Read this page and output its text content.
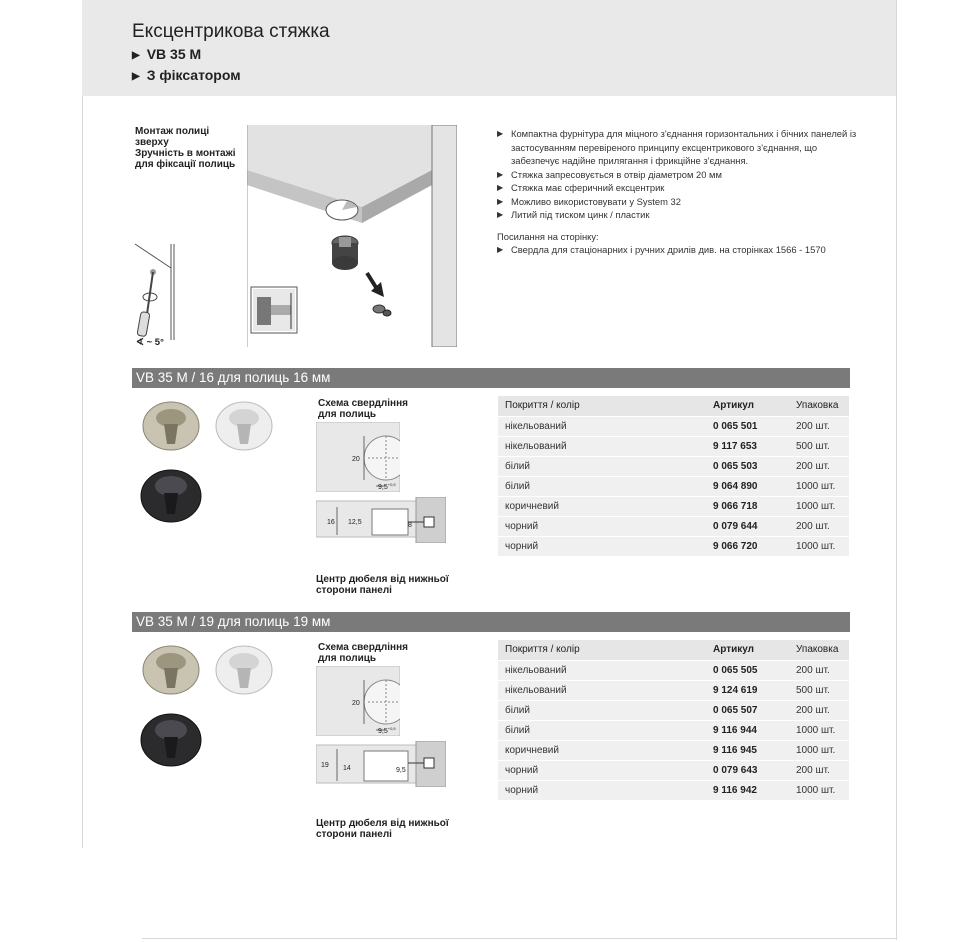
Ексцентрикова стяжка
▶ VB 35 M
▶ З фіксатором
Монтаж полиці
зверху
Зручність в монтажі
для фіксації полиць
∢ ~ 5°
▶ Компактна фурнітура для міцного з'єднання горизонтальних і бічних панелей із застосуванням перевіреного принципу ексцентрикового з'єднання, що забезпечує надійне прилягання і фрикційне з'єднання.
▶ Стяжка запресовується в отвір діаметром 20 мм
▶ Стяжка має сферичний ексцентрик
▶ Можливо використовувати у System 32
▶ Литий під тиском цинк / пластик
Посилання на сторінку:
▶ Свердла для стаціонарних і ручних дрилів див. на сторінках 1566 - 1570
VB 35 M / 16 для полиць 16 мм
Схема свердління
для полиць
20
$9,5^{+0,5}$
16 12,5	8
Центр дюбеля від нижньої
сторони панелі
Покриття / колір	Артикул	Упаковка
нікельований	0 065 501	200 шт.
нікельований	9 117 653	500 шт.
білий	0 065 503	200 шт.
білий	9 064 890	1000 шт.
коричневий	9 066 718	1000 шт.
чорний	0 079 644	200 шт.
чорний	9 066 720	1000 шт.
VB 35 M / 19 для полиць 19 мм
Схема свердління
для полиць
20
$9,5^{+0,5}$
19 14	9,5
Центр дюбеля від нижньої
сторони панелі
Покриття / колір	Артикул	Упаковка
нікельований	0 065 505	200 шт.
нікельований	9 124 619	500 шт.
білий	0 065 507	200 шт.
білий	9 116 944	1000 шт.
коричневий	9 116 945	1000 шт.
чорний	0 079 643	200 шт.
чорний	9 116 942	1000 шт.
